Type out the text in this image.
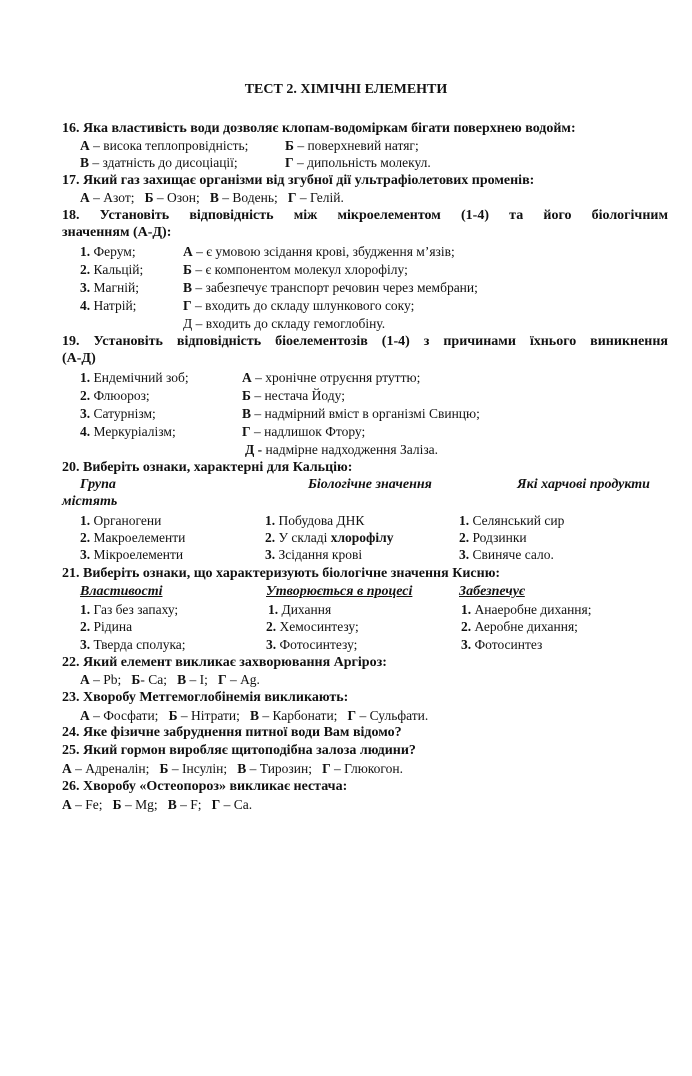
ТЕСТ 2. ХІМІЧНІ ЕЛЕМЕНТИ
16. Яка властивість води дозволяє клопам-водоміркам бігати поверхнею водойм:
А – висока теплопровідність;	Б – поверхневий натяг;
В – здатність до дисоціації;	Г – дипольність молекул.
17. Який газ захищає організми від згубної дії ультрафіолетових променів:
А – Азот; Б – Озон; В – Водень; Г – Гелій.
18. Установіть відповідність між мікроелементом (1-4) та його біологічним
значенням (А-Д):
1. Ферум;	А – є умовою зсідання крові, збудження м’язів;
2. Кальцій;	Б – є компонентом молекул хлорофілу;
3. Магній;	В – забезпечує транспорт речовин через мембрани;
4. Натрій;	Г – входить до складу шлункового соку;
Д – входить до складу гемоглобіну.
19. Установіть відповідність біоелементозів (1-4) з причинами їхнього виникнення
(А-Д)
1. Ендемічний зоб;	А – хронічне отруєння ртуттю;
2. Флюороз;	Б – нестача Йоду;
3. Сатурнізм;	В – надмірний вміст в організмі Свинцю;
4. Меркуріалізм;	Г – надлишок Фтору;
Д - надмірне надходження Заліза.
20. Виберіть ознаки, характерні для Кальцію:
Група	Біологічне значення	Які харчові продукти
містять
1. Органогени	1. Побудова ДНК	1. Селянський сир
2. Макроелементи	2. У складі хлорофілу	2. Родзинки
3. Мікроелементи	3. Зсідання крові	3. Свиняче сало.
21. Виберіть ознаки, що характеризують біологічне значення Кисню:
Властивості	Утворюється в процесі	Забезпечує
1. Газ без запаху;	1. Дихання	1. Анаеробне дихання;
2. Рідина	2. Хемосинтезу;	2. Аеробне дихання;
3. Тверда сполука;	3. Фотосинтезу;	3. Фотосинтез
22. Який елемент викликає захворювання Аргіроз:
А – Pb; Б- Ca; В – I; Г – Ag.
23. Хворобу Метгемоглобінемія викликають:
А – Фосфати; Б – Нітрати; В – Карбонати; Г – Сульфати.
24. Яке фізичне забруднення питної води Вам відомо?
25. Який гормон виробляє щитоподібна залоза людини?
А – Адреналін; Б – Інсулін; В – Тирозин; Г – Глюкогон.
26. Хворобу «Остеопороз» викликає нестача:
А – Fe; Б – Mg; В – F; Г – Ca.
